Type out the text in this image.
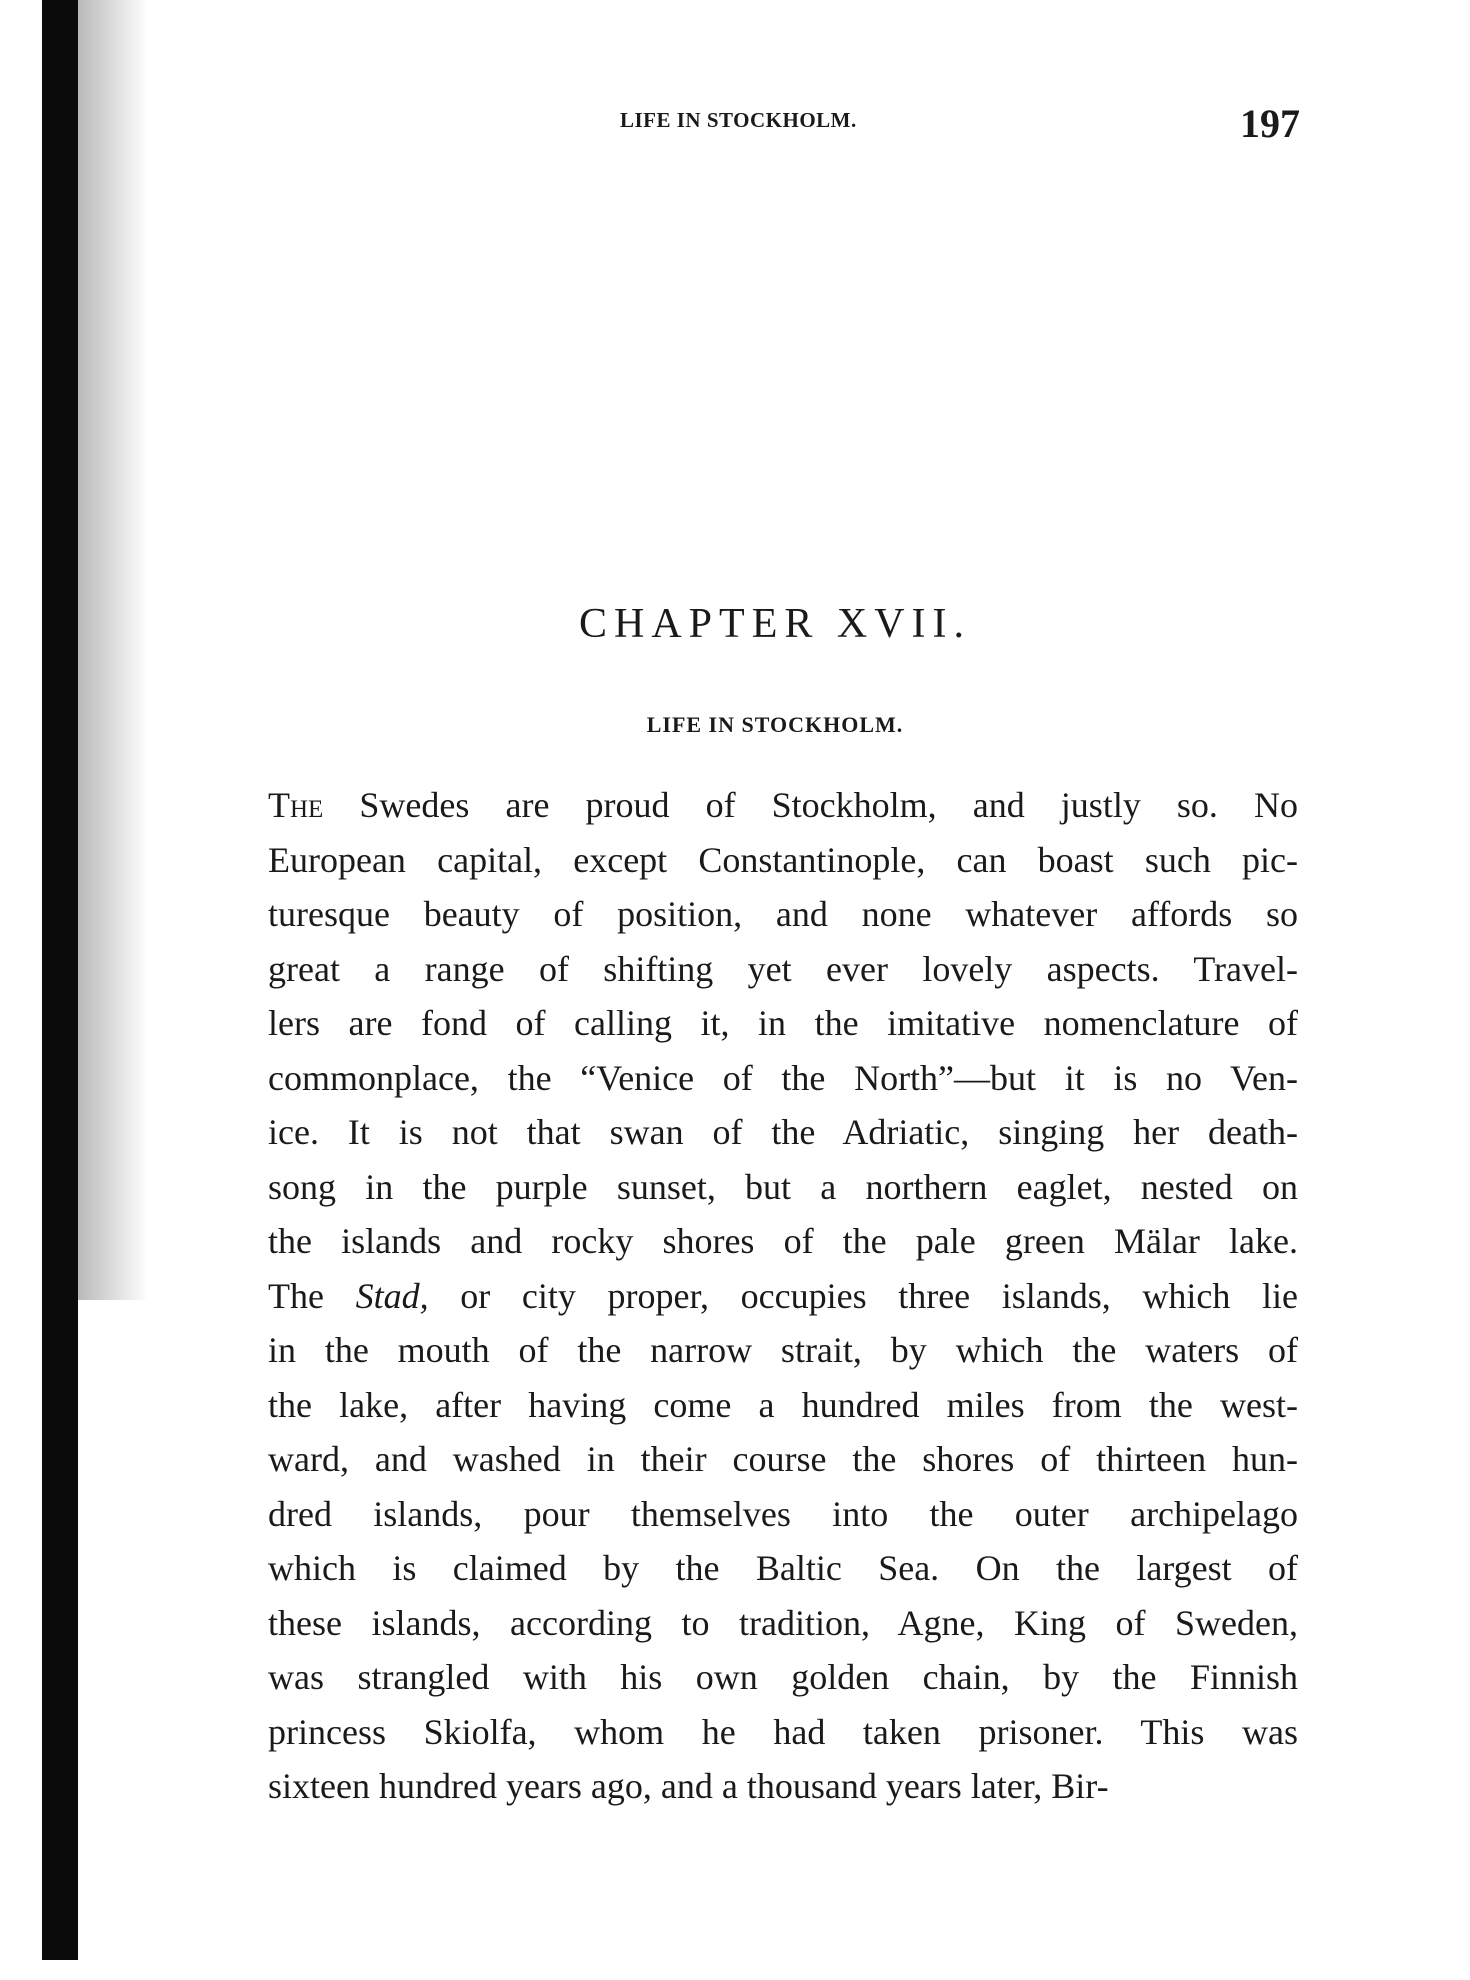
LIFE IN STOCKHOLM.	197
CHAPTER XVII.
LIFE IN STOCKHOLM.
The Swedes are proud of Stockholm, and justly so. No
European capital, except Constantinople, can boast such pic-
turesque beauty of position, and none whatever affords so
great a range of shifting yet ever lovely aspects. Travel-
lers are fond of calling it, in the imitative nomenclature of
commonplace, the “Venice of the North”—but it is no Ven-
ice. It is not that swan of the Adriatic, singing her death-
song in the purple sunset, but a northern eaglet, nested on
the islands and rocky shores of the pale green Mälar lake.
The Stad, or city proper, occupies three islands, which lie
in the mouth of the narrow strait, by which the waters of
the lake, after having come a hundred miles from the west-
ward, and washed in their course the shores of thirteen hun-
dred islands, pour themselves into the outer archipelago
which is claimed by the Baltic Sea. On the largest of
these islands, according to tradition, Agne, King of Sweden,
was strangled with his own golden chain, by the Finnish
princess Skiolfa, whom he had taken prisoner. This was
sixteen hundred years ago, and a thousand years later, Bir-
